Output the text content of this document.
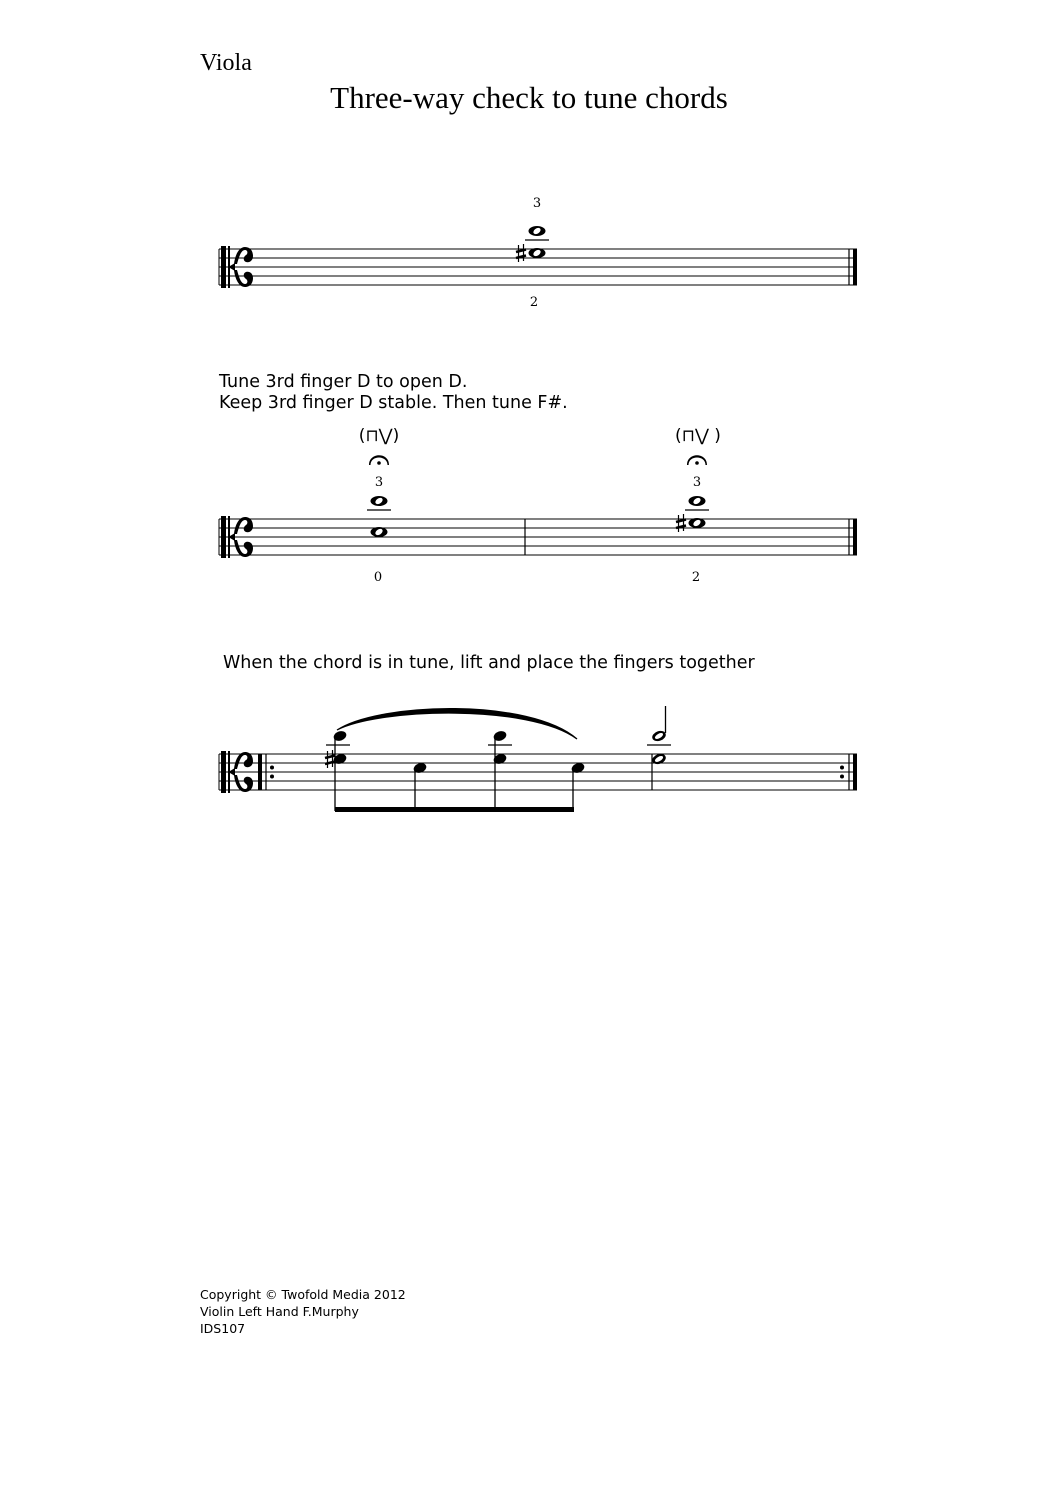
Viola
Three-way check to tune chords
Tune 3rd finger D to open D.
Keep 3rd finger D stable. Then tune F#.
When the chord is in tune, lift and place the fingers together
Copyright © Twofold Media 2012
Violin Left Hand F.Murphy
IDS107
3
2
3
0
(⊓⋁)
3
2
(⊓⋁ )
